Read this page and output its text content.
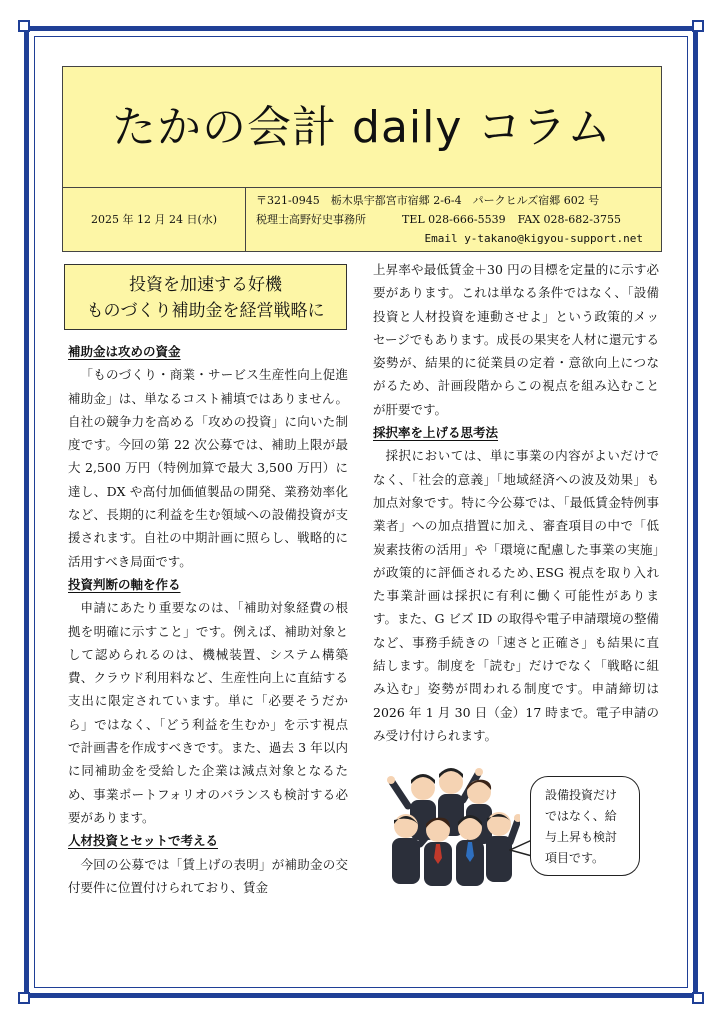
たかの会計 daily コラム
2025 年 12 月 24 日(水)
〒321-0945　栃木県宇都宮市宿郷 2-6-4　パークヒルズ宿郷 602 号
税理士高野好史事務所	TEL 028-666-5539 FAX 028-682-3755
Email y-takano@kigyou-support.net
投資を加速する好機
ものづくり補助金を経営戦略に
補助金は攻めの資金

「ものづくり・商業・サービス生産性向上促進補助金」は、単なるコスト補填ではありません。自社の競争力を高める「攻めの投資」に向いた制度です。今回の第 22 次公募では、補助上限が最大 2,500 万円（特例加算で最大 3,500 万円）に達し、DX や高付加価値製品の開発、業務効率化など、長期的に利益を生む領域への設備投資が支援されます。自社の中期計画に照らし、戦略的に活用すべき局面です。

投資判断の軸を作る

申請にあたり重要なのは、「補助対象経費の根拠を明確に示すこと」です。例えば、補助対象として認められるのは、機械装置、システム構築費、クラウド利用料など、生産性向上に直結する支出に限定されています。単に「必要そうだから」ではなく、「どう利益を生むか」を示す視点で計画書を作成すべきです。また、過去 3 年以内に同補助金を受給した企業は減点対象となるため、事業ポートフォリオのバランスも検討する必要があります。

人材投資とセットで考える

今回の公募では「賃上げの表明」が補助金の交付要件に位置付けられており、賃金

上昇率や最低賃金＋30 円の目標を定量的に示す必要があります。これは単なる条件ではなく、「設備投資と人材投資を連動させよ」という政策的メッセージでもあります。成長の果実を人材に還元する姿勢が、結果的に従業員の定着・意欲向上につながるため、計画段階からこの視点を組み込むことが肝要です。

採択率を上げる思考法

採択においては、単に事業の内容がよいだけでなく、「社会的意義」「地域経済への波及効果」も加点対象です。特に今公募では、「最低賃金特例事業者」への加点措置に加え、審査項目の中で「低炭素技術の活用」や「環境に配慮した事業の実施」が政策的に評価されるため､ESG 視点を取り入れた事業計画は採択に有利に働く可能性があります。また、G ビズ ID の取得や電子申請環境の整備など、事務手続きの「速さと正確さ」も結果に直結します。制度を「読む」だけでなく「戦略に組み込む」姿勢が問われる制度です。申請締切は 2026 年 1 月 30 日（金）17 時まで。電子申請のみ受け付けられます。

設備投資だけ
ではなく、給
与上昇も検討
項目です。
